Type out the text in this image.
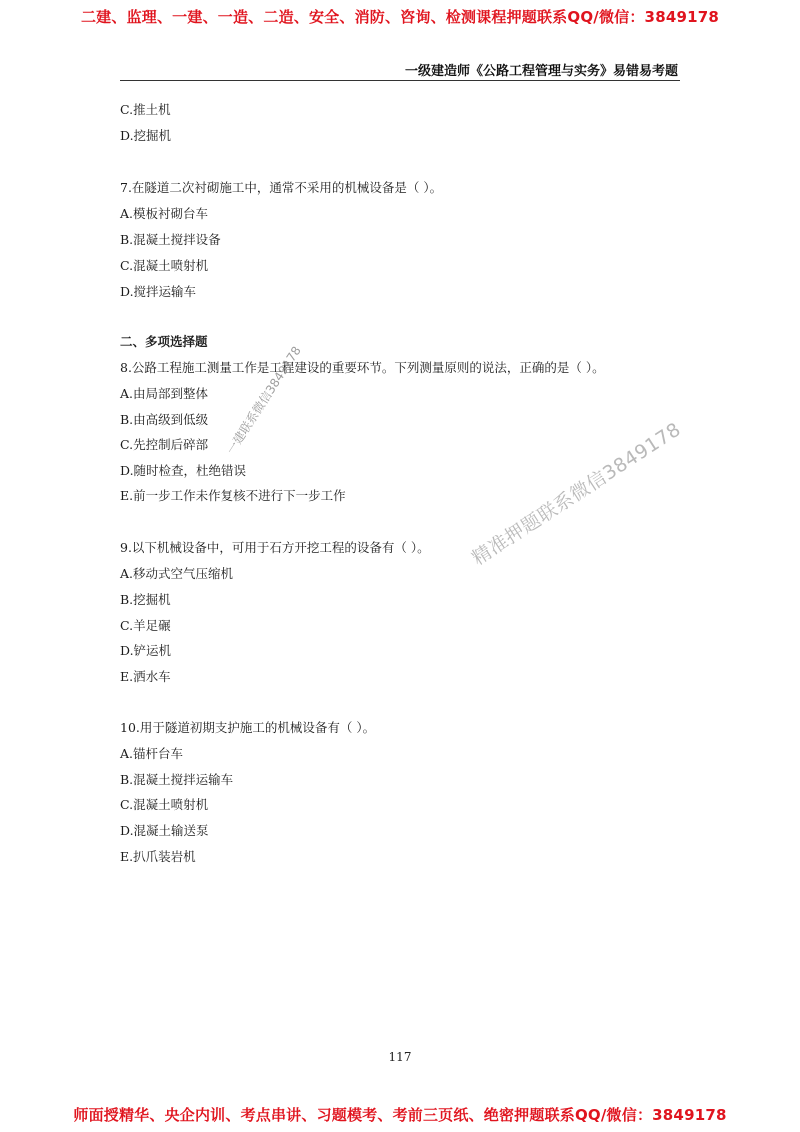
二建、监理、一建、一造、二造、安全、消防、咨询、检测课程押题联系QQ/微信：3849178
一级建造师《公路工程管理与实务》易错易考题
C.推土机
D.挖掘机
7.在隧道二次衬砌施工中，通常不采用的机械设备是（ ）。
A.模板衬砌台车
B.混凝土搅拌设备
C.混凝土喷射机
D.搅拌运输车
二、多项选择题
8.公路工程施工测量工作是工程建设的重要环节。下列测量原则的说法，正确的是（ ）。
A.由局部到整体
B.由高级到低级
C.先控制后碎部
D.随时检查，杜绝错误
E.前一步工作未作复核不进行下一步工作
9.以下机械设备中，可用于石方开挖工程的设备有（ ）。
A.移动式空气压缩机
B.挖掘机
C.羊足碾
D.铲运机
E.洒水车
10.用于隧道初期支护施工的机械设备有（ ）。
A.锚杆台车
B.混凝土搅拌运输车
C.混凝土喷射机
D.混凝土输送泵
E.扒爪装岩机
一建联系微信3849178
精准押题联系微信3849178
117
师面授精华、央企内训、考点串讲、习题模考、考前三页纸、绝密押题联系QQ/微信：3849178
